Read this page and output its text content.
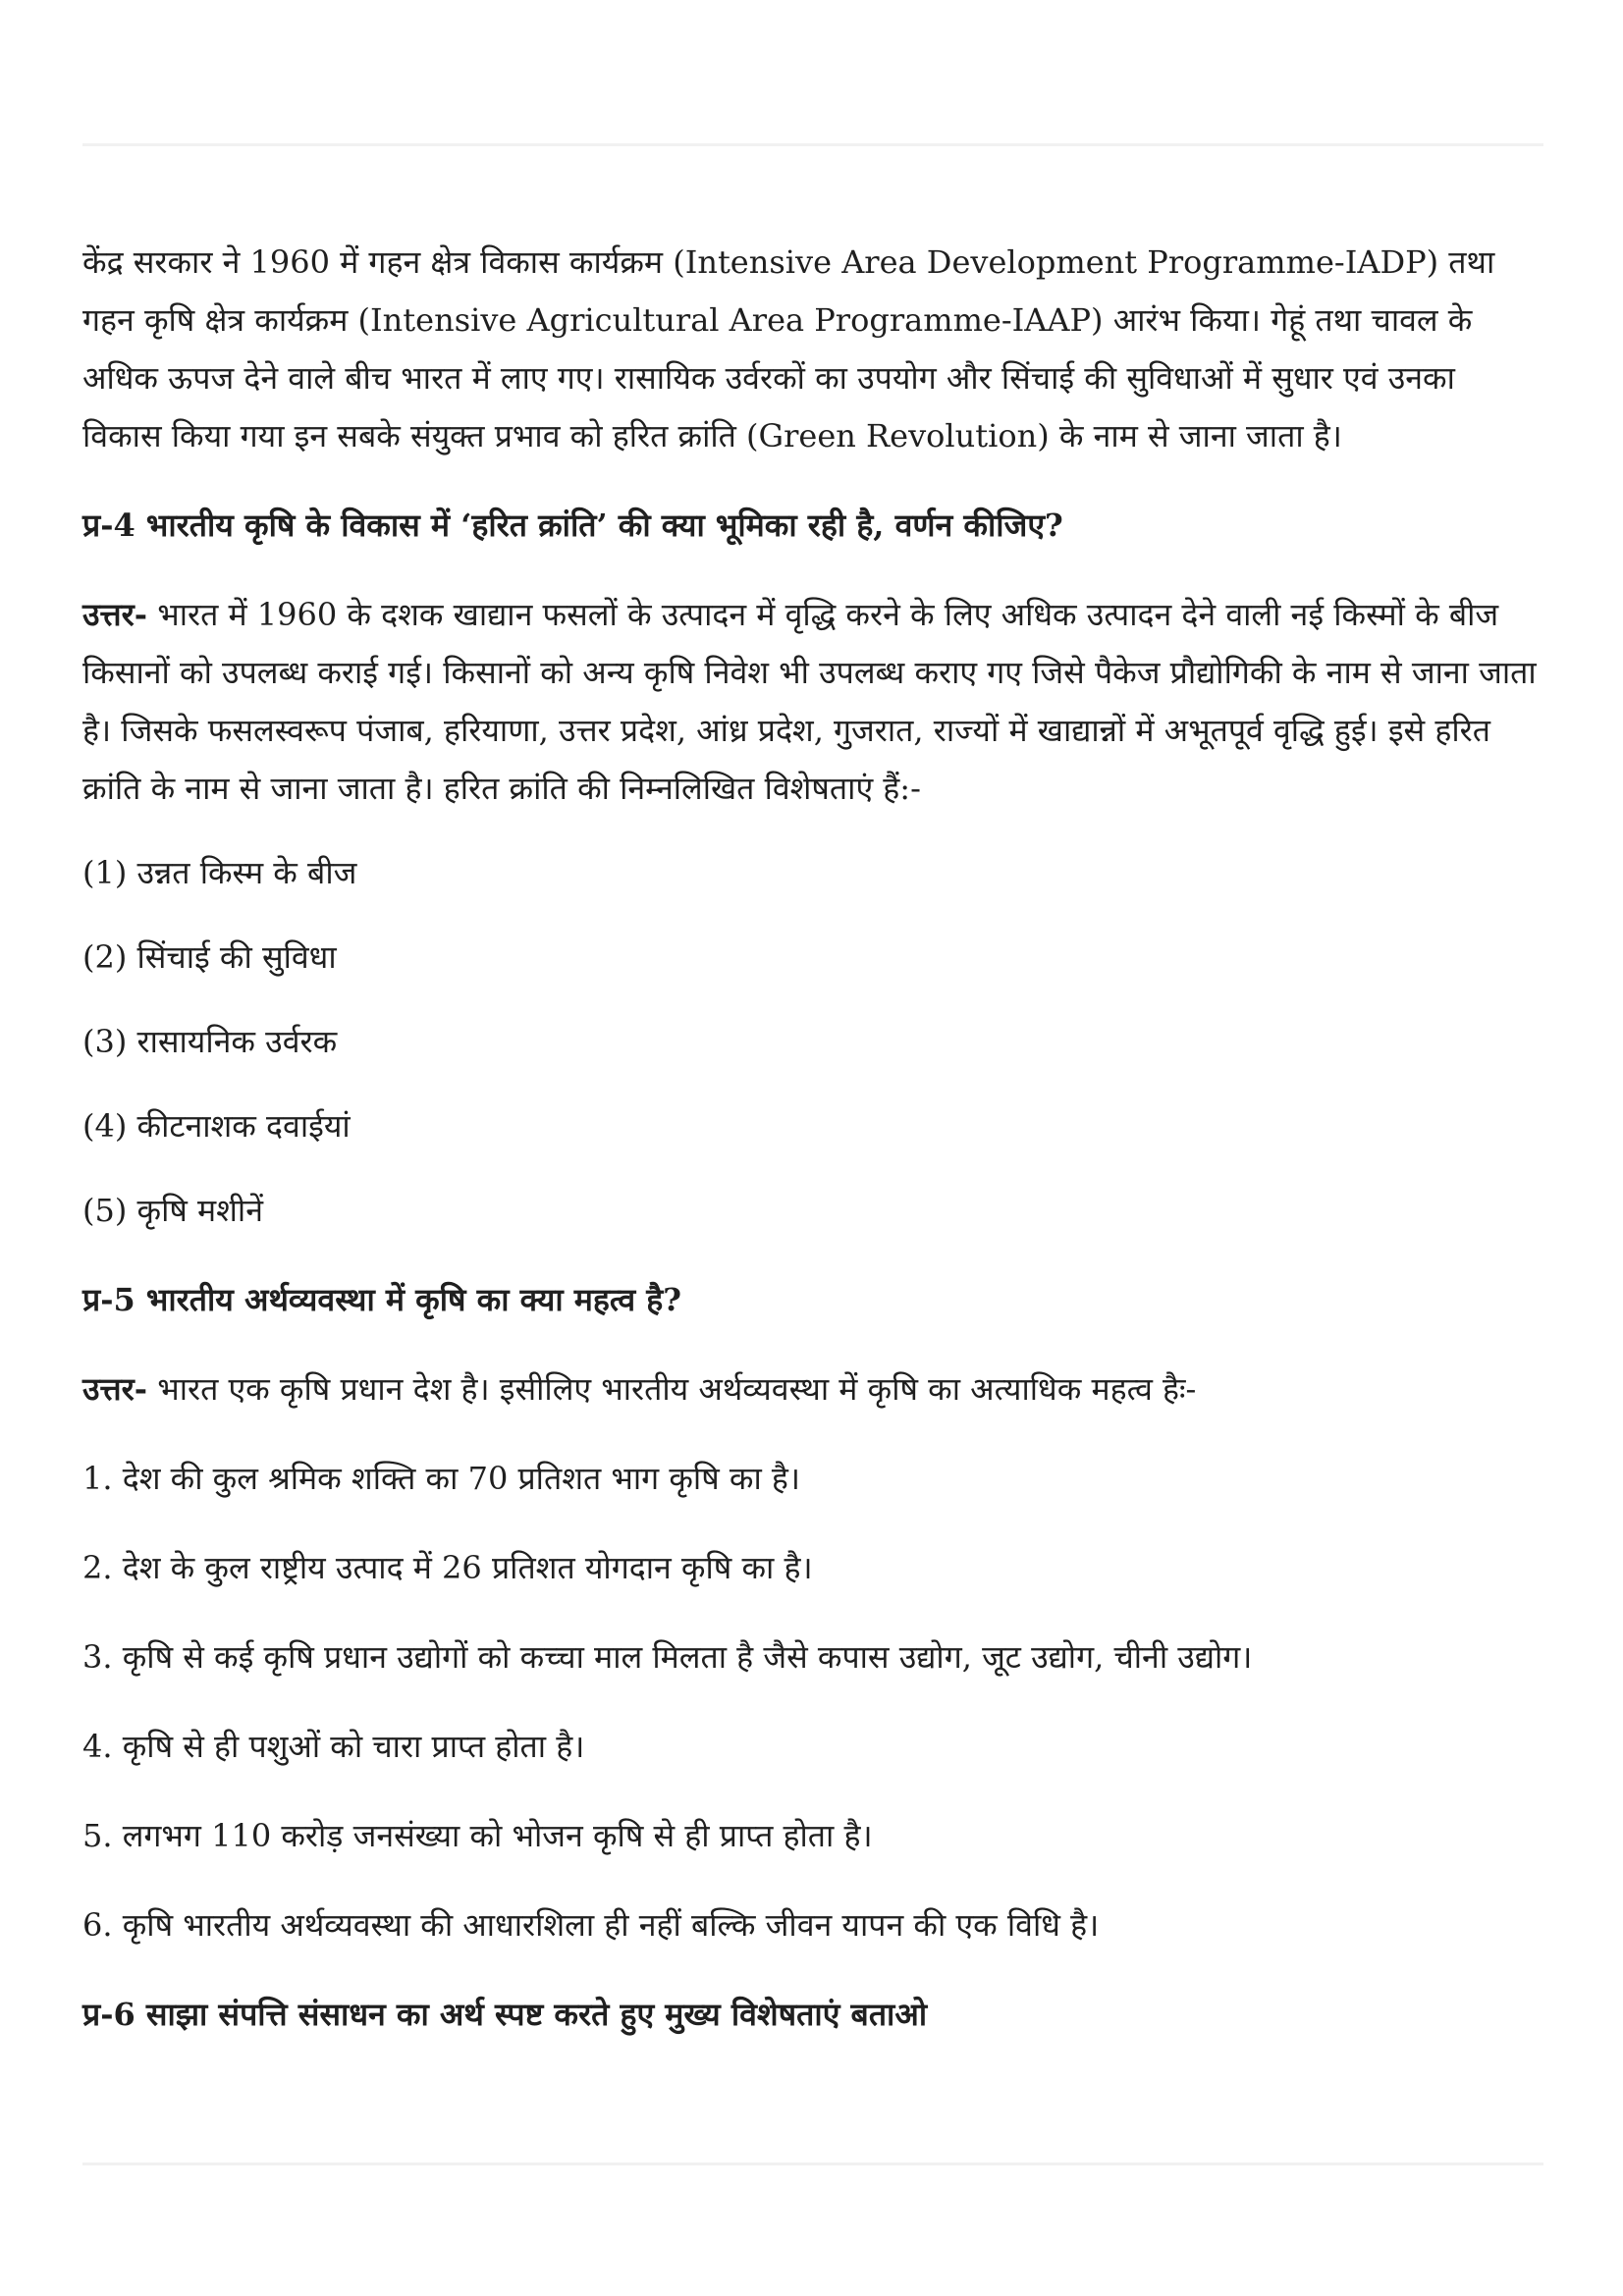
केंद्र सरकार ने 1960 में गहन क्षेत्र विकास कार्यक्रम (Intensive Area Development Programme-IADP) तथा गहन कृषि क्षेत्र कार्यक्रम (Intensive Agricultural Area Programme-IAAP) आरंभ किया। गेहूं तथा चावल के अधिक ऊपज देने वाले बीच भारत में लाए गए। रासायिक उर्वरकों का उपयोग और सिंचाई की सुविधाओं में सुधार एवं उनका विकास किया गया इन सबके संयुक्त प्रभाव को हरित क्रांति (Green Revolution) के नाम से जाना जाता है।

प्र-4 भारतीय कृषि के विकास में ‘हरित क्रांति’ की क्या भूमिका रही है, वर्णन कीजिए?

उत्तर- भारत में 1960 के दशक खाद्यान फसलों के उत्पादन में वृद्धि करने के लिए अधिक उत्पादन देने वाली नई किस्मों के बीज किसानों को उपलब्ध कराई गई। किसानों को अन्य कृषि निवेश भी उपलब्ध कराए गए जिसे पैकेज प्रौद्योगिकी के नाम से जाना जाता है। जिसके फसलस्वरूप पंजाब, हरियाणा, उत्तर प्रदेश, आंध्र प्रदेश, गुजरात, राज्यों में खाद्यान्नों में अभूतपूर्व वृद्धि हुई। इसे हरित क्रांति के नाम से जाना जाता है। हरित क्रांति की निम्नलिखित विशेषताएं हैं:-

(1) उन्नत किस्म के बीज

(2) सिंचाई की सुविधा

(3) रासायनिक उर्वरक

(4) कीटनाशक दवाईयां

(5) कृषि मशीनें

प्र-5 भारतीय अर्थव्यवस्था में कृषि का क्या महत्व है?

उत्तर- भारत एक कृषि प्रधान देश है। इसीलिए भारतीय अर्थव्यवस्था में कृषि का अत्याधिक महत्व हैः-

1. देश की कुल श्रमिक शक्ति का 70 प्रतिशत भाग कृषि का है।

2. देश के कुल राष्ट्रीय उत्पाद में 26 प्रतिशत योगदान कृषि का है।

3. कृषि से कई कृषि प्रधान उद्योगों को कच्चा माल मिलता है जैसे कपास उद्योग, जूट उद्योग, चीनी उद्योग।

4. कृषि से ही पशुओं को चारा प्राप्त होता है।

5. लगभग 110 करोड़ जनसंख्या को भोजन कृषि से ही प्राप्त होता है।

6. कृषि भारतीय अर्थव्यवस्था की आधारशिला ही नहीं बल्कि जीवन यापन की एक विधि है।

प्र-6 साझा संपत्ति संसाधन का अर्थ स्पष्ट करते हुए मुख्य विशेषताएं बताओ
